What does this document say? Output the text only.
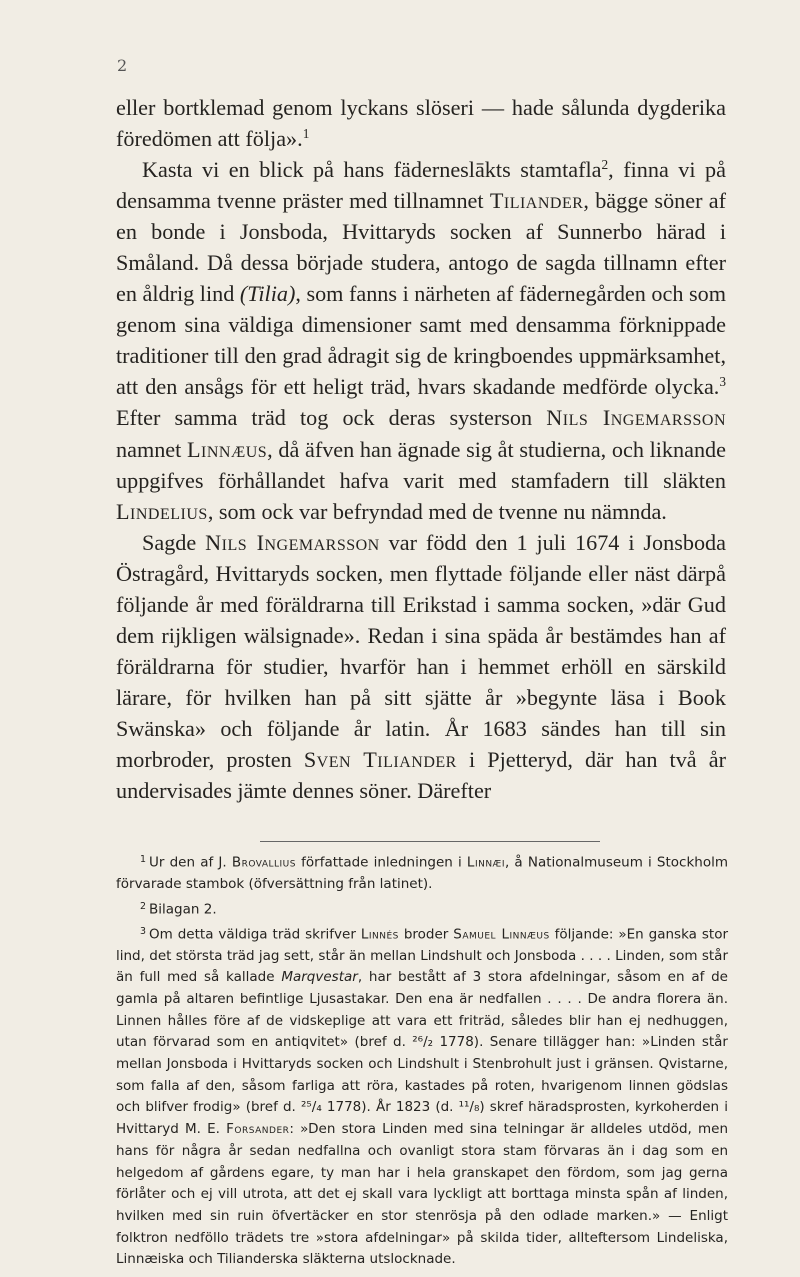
2

eller bortklemad genom lyckans slöseri — hade sålunda dygderika föredömen att följa».$^1$

Kasta vi en blick på hans fäderneslākts stamtafla$^2$, finna vi på densamma tvenne präster med tillnamnet Tiliander, bägge söner af en bonde i Jonsboda, Hvittaryds socken af Sunnerbo härad i Småland. Då dessa började studera, antogo de sagda tillnamn efter en åldrig lind (Tilia), som fanns i närheten af fädernegården och som genom sina väldiga dimensioner samt med densamma förknippade traditioner till den grad ådragit sig de kringboendes uppmärksamhet, att den ansågs för ett heligt träd, hvars skadande medförde olycka.$^3$ Efter samma träd tog ock deras systerson Nils Ingemarsson namnet Linnæus, då äfven han ägnade sig åt studierna, och liknande uppgifves förhållandet hafva varit med stamfadern till släkten Lindelius, som ock var befryndad med de tvenne nu nämnda.

Sagde Nils Ingemarsson var född den 1 juli 1674 i Jonsboda Östragård, Hvittaryds socken, men flyttade följande eller näst därpå följande år med föräldrarna till Erikstad i samma socken, »där Gud dem rijkligen wälsignade». Redan i sina späda år bestämdes han af föräldrarna för studier, hvarför han i hemmet erhöll en särskild lärare, för hvilken han på sitt sjätte år »begynte läsa i Book Swänska» och följande år latin. År 1683 sändes han till sin morbroder, prosten Sven Tiliander i Pjetteryd, där han två år undervisades jämte dennes söner. Därefter

$^1$ Ur den af J. Brovallius författade inledningen i Linnæi, å Nationalmuseum i Stockholm förvarade stambok (öfversättning från latinet).

$^2$ Bilagan 2.

$^3$ Om detta väldiga träd skrifver Linnés broder Samuel Linnæus följande: »En ganska stor lind, det största träd jag sett, står än mellan Lindshult och Jonsboda . . . . Linden, som står än full med så kallade Marqvestar, har bestått af 3 stora afdelningar, såsom en af de gamla på altaren befintlige Ljusastakar. Den ena är nedfallen . . . . De andra florera än. Linnen hålles före af de vidskeplige att vara ett friträd, således blir han ej nedhuggen, utan förvarad som en antiqvitet» (bref d. ²⁶/₂ 1778). Senare tillägger han: »Linden står mellan Jonsboda i Hvittaryds socken och Lindshult i Stenbrohult just i gränsen. Qvistarne, som falla af den, såsom farliga att röra, kastades på roten, hvarigenom linnen gödslas och blifver frodig» (bref d. ²⁵/₄ 1778). År 1823 (d. ¹¹/₈) skref häradsprosten, kyrkoherden i Hvittaryd M. E. Forsander: »Den stora Linden med sina telningar är alldeles utdöd, men hans för några år sedan nedfallna och ovanligt stora stam förvaras än i dag som en helgedom af gårdens egare, ty man har i hela granskapet den fördom, som jag gerna förlåter och ej vill utrota, att det ej skall vara lyckligt att borttaga minsta spån af linden, hvilken med sin ruin öfvertäcker en stor stenrösja på den odlade marken.» — Enligt folktron nedföllo trädets tre »stora afdelningar» på skilda tider, allteftersom Lindeliska, Linnæiska och Tilianderska släkterna utslocknade.
